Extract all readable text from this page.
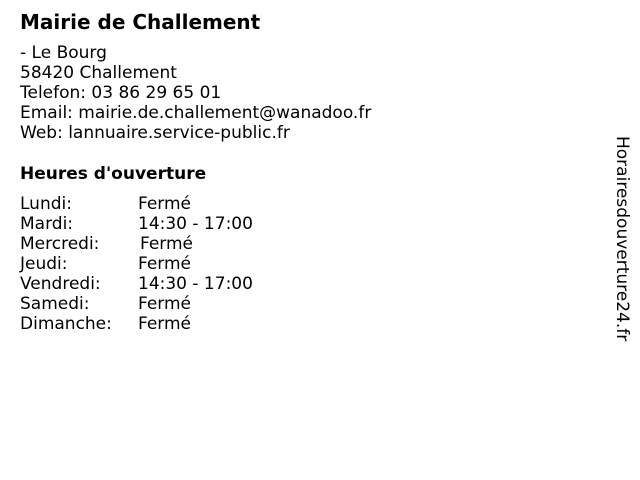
Mairie de Challement
- Le Bourg
58420 Challement
Telefon: 03 86 29 65 01
Email: mairie.de.challement@wanadoo.fr
Web: lannuaire.service-public.fr
Heures d'ouverture
Lundi:	Fermé
Mardi:	14:30 - 17:00
Mercredi: Fermé
Jeudi:	Fermé
Vendredi: 14:30 - 17:00
Samedi:	Fermé
Dimanche: Fermé	Horairesdouverture24.fr
